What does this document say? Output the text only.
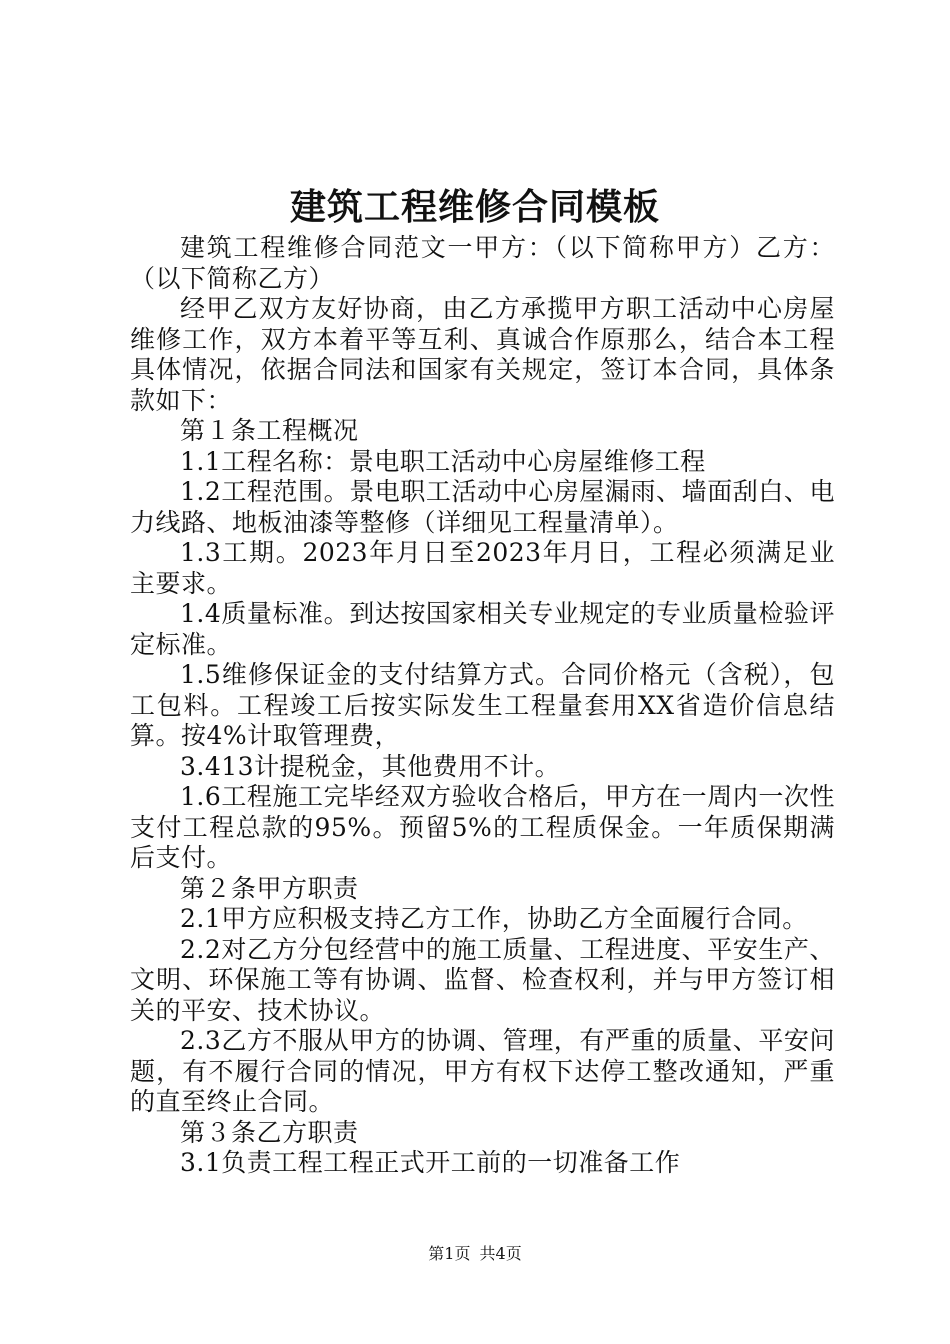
建筑工程维修合同模板

建筑工程维修合同范文一甲方：（以下简称甲方）乙方：（以下简称乙方）

经甲乙双方友好协商，由乙方承揽甲方职工活动中心房屋维修工作，双方本着平等互利、真诚合作原那么，结合本工程具体情况，依据合同法和国家有关规定，签订本合同，具体条款如下：

第１条工程概况

1.1工程名称：景电职工活动中心房屋维修工程

1.2工程范围。景电职工活动中心房屋漏雨、墙面刮白、电力线路、地板油漆等整修（详细见工程量清单）。

1.3工期。2023年月日至2023年月日，工程必须满足业主要求。

1.4质量标准。到达按国家相关专业规定的专业质量检验评定标准。

1.5维修保证金的支付结算方式。合同价格元（含税），包工包料。工程竣工后按实际发生工程量套用XX省造价信息结算。按4%计取管理费，

3.413计提税金，其他费用不计。

1.6工程施工完毕经双方验收合格后，甲方在一周内一次性支付工程总款的95%。预留5%的工程质保金。一年质保期满后支付。

第２条甲方职责

2.1甲方应积极支持乙方工作，协助乙方全面履行合同。

2.2对乙方分包经营中的施工质量、工程进度、平安生产、文明、环保施工等有协调、监督、检查权利，并与甲方签订相关的平安、技术协议。

2.3乙方不服从甲方的协调、管理，有严重的质量、平安问题，有不履行合同的情况，甲方有权下达停工整改通知，严重的直至终止合同。

第３条乙方职责

3.1负责工程工程正式开工前的一切准备工作

第1页 共4页
